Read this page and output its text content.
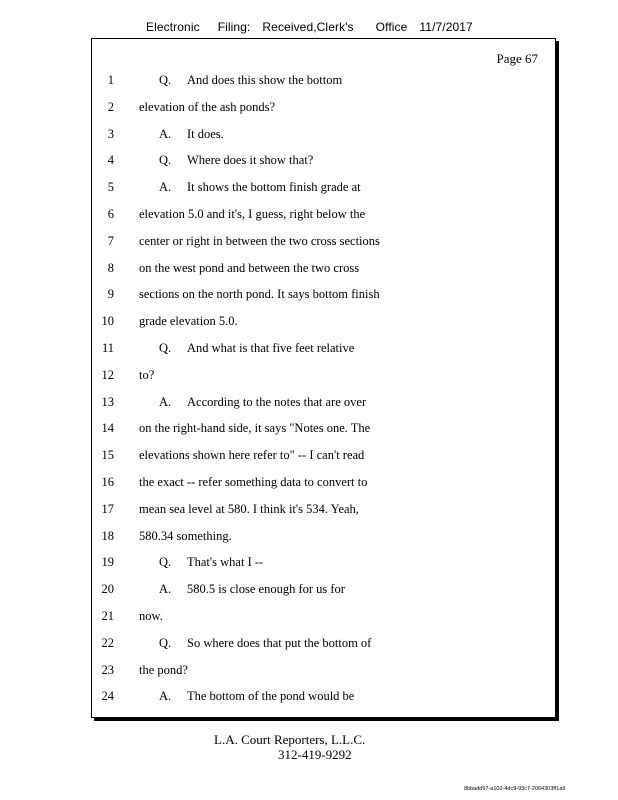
Electronic Filing: Received,Clerk's Office 11/7/2017
Page 67
1	Q. And does this show the bottom
2 elevation of the ash ponds?
3	A. It does.
4	Q. Where does it show that?
5	A. It shows the bottom finish grade at
6 elevation 5.0 and it's, I guess, right below the
7 center or right in between the two cross sections
8 on the west pond and between the two cross
9 sections on the north pond. It says bottom finish
10 grade elevation 5.0.
11	Q. And what is that five feet relative
12 to?
13	A. According to the notes that are over
14 on the right-hand side, it says "Notes one. The
15 elevations shown here refer to" -- I can't read
16 the exact -- refer something data to convert to
17 mean sea level at 580. I think it's 534. Yeah,
18 580.34 something.
19	Q. That's what I --
20	A. 580.5 is close enough for us for
21 now.
22	Q. So where does that put the bottom of
23 the pond?
24	A. The bottom of the pond would be
L.A. Court Reporters, L.L.C.
312-419-9292
8bbadd97-a102-4dc9-93c7-2064303ff1a9
